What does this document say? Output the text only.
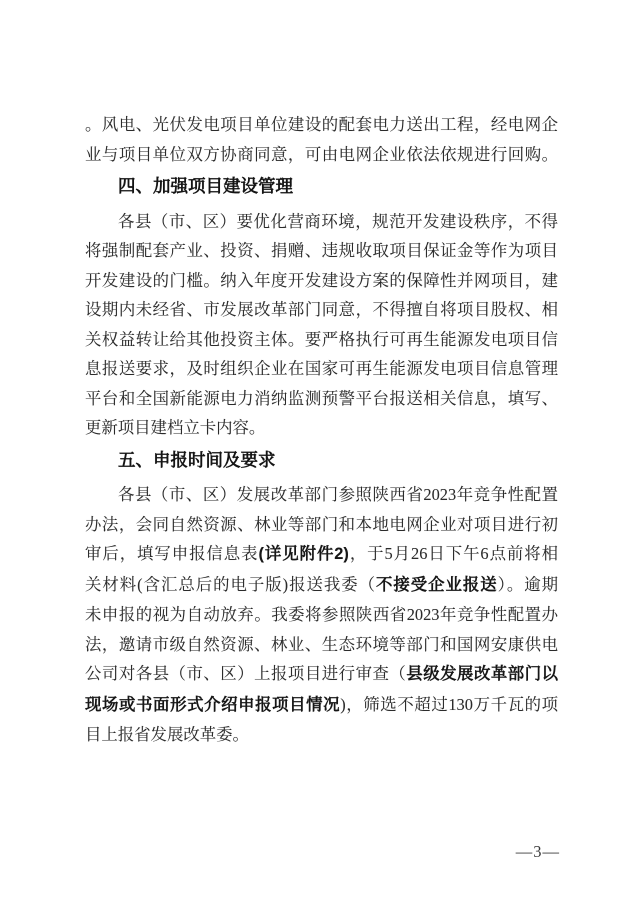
。风电、光伏发电项目单位建设的配套电力送出工程，经电网企
业与项目单位双方协商同意，可由电网企业依法依规进行回购。
四、加强项目建设管理
各县（市、区）要优化营商环境，规范开发建设秩序，不得
将强制配套产业、投资、捐赠、违规收取项目保证金等作为项目
开发建设的门槛。纳入年度开发建设方案的保障性并网项目，建
设期内未经省、市发展改革部门同意，不得擅自将项目股权、相
关权益转让给其他投资主体。要严格执行可再生能源发电项目信
息报送要求，及时组织企业在国家可再生能源发电项目信息管理
平台和全国新能源电力消纳监测预警平台报送相关信息，填写、
更新项目建档立卡内容。
五、申报时间及要求
各县（市、区）发展改革部门参照陕西省2023年竞争性配置
办法，会同自然资源、林业等部门和本地电网企业对项目进行初
审后，填写申报信息表(详见附件2)，于5月26日下午6点前将相
关材料(含汇总后的电子版)报送我委（不接受企业报送）。逾期
未申报的视为自动放弃。我委将参照陕西省2023年竞争性配置办
法，邀请市级自然资源、林业、生态环境等部门和国网安康供电
公司对各县（市、区）上报项目进行审查（县级发展改革部门以
现场或书面形式介绍申报项目情况)，筛选不超过130万千瓦的项
目上报省发展改革委。
—3—
